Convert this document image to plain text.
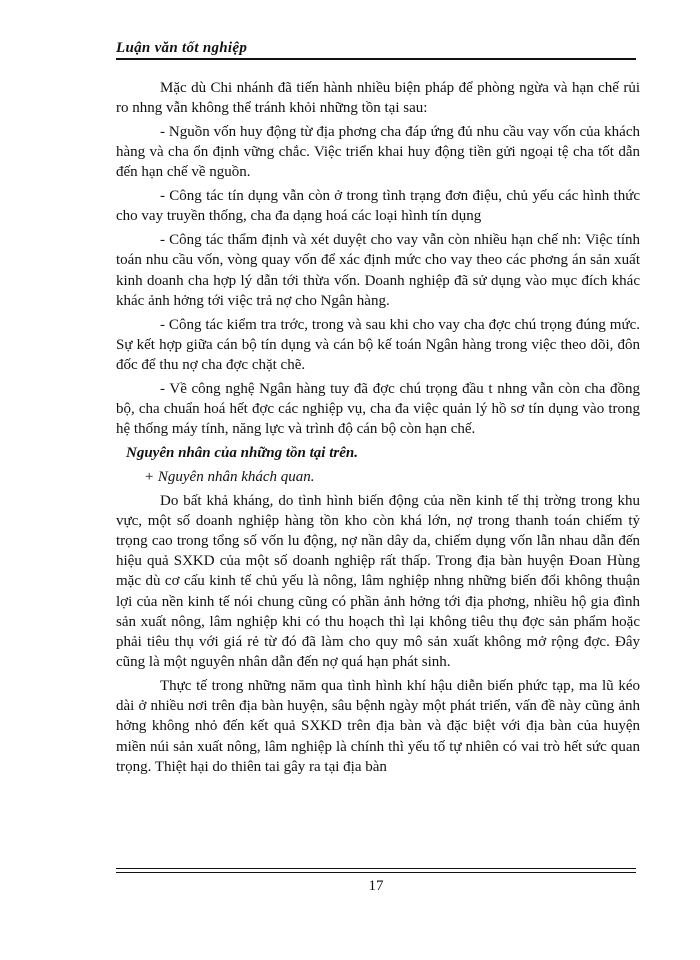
Luận văn tốt nghiệp

Mặc dù Chi nhánh đã tiến hành nhiều biện pháp để phòng ngừa và hạn chế rủi ro nhng vẫn không thể tránh khỏi những tồn tại sau:

- Nguồn vốn huy động từ địa phơng cha đáp ứng đủ nhu cầu vay vốn của khách hàng và cha ổn định vững chắc. Việc triển khai huy động tiền gửi ngoại tệ cha tốt dẫn đến hạn chế về nguồn.

- Công tác tín dụng vẫn còn ở trong tình trạng đơn điệu, chủ yếu các hình thức cho vay truyền thống, cha đa dạng hoá các loại hình tín dụng

- Công tác thẩm định và xét duyệt cho vay vẫn còn nhiều hạn chế nh: Việc tính toán nhu cầu vốn, vòng quay vốn để xác định mức cho vay theo các phơng án sản xuất kinh doanh cha hợp lý dẫn tới thừa vốn. Doanh nghiệp đã sử dụng vào mục đích khác khác ảnh hởng tới việc trả nợ cho Ngân hàng.

- Công tác kiểm tra trớc, trong và sau khi cho vay cha đợc chú trọng đúng mức. Sự kết hợp giữa cán bộ tín dụng và cán bộ kế toán Ngân hàng trong việc theo dõi, đôn đốc để thu nợ cha đợc chặt chẽ.

- Về công nghệ Ngân hàng tuy đã đợc chú trọng đầu t nhng vẫn còn cha đồng bộ, cha chuẩn hoá hết đợc các nghiệp vụ, cha đa việc quản lý hồ sơ tín dụng vào trong hệ thống máy tính, năng lực và trình độ cán bộ còn hạn chế.

Nguyên nhân của những tồn tại trên.

+ Nguyên nhân khách quan.

Do bất khả kháng, do tình hình biến động của nền kinh tế thị trờng trong khu vực, một số doanh nghiệp hàng tồn kho còn khá lớn, nợ trong thanh toán chiếm tỷ trọng cao trong tổng số vốn lu động, nợ nần dây da, chiếm dụng vốn lẫn nhau dẫn đến hiệu quả SXKD của một số doanh nghiệp rất thấp. Trong địa bàn huyện Đoan Hùng mặc dù cơ cấu kinh tế chủ yếu là nông, lâm nghiệp nhng những biến đổi không thuận lợi của nền kinh tế nói chung cũng có phần ảnh hởng tới địa phơng, nhiều hộ gia đình sản xuất nông, lâm nghiệp khi có thu hoạch thì lại không tiêu thụ đợc sản phẩm hoặc phải tiêu thụ với giá rẻ từ đó đã làm cho quy mô sản xuất không mở rộng đợc. Đây cũng là một nguyên nhân dẫn đến nợ quá hạn phát sinh.

Thực tế trong những năm qua tình hình khí hậu diễn biến phức tạp, ma lũ kéo dài ở nhiều nơi trên địa bàn huyện, sâu bệnh ngày một phát triển, vấn đề này cũng ảnh hởng không nhỏ đến kết quả SXKD trên địa bàn và đặc biệt với địa bàn của huyện miền núi sản xuất nông, lâm nghiệp là chính thì yếu tố tự nhiên có vai trò hết sức quan trọng. Thiệt hại do thiên tai gây ra tại địa bàn

17
